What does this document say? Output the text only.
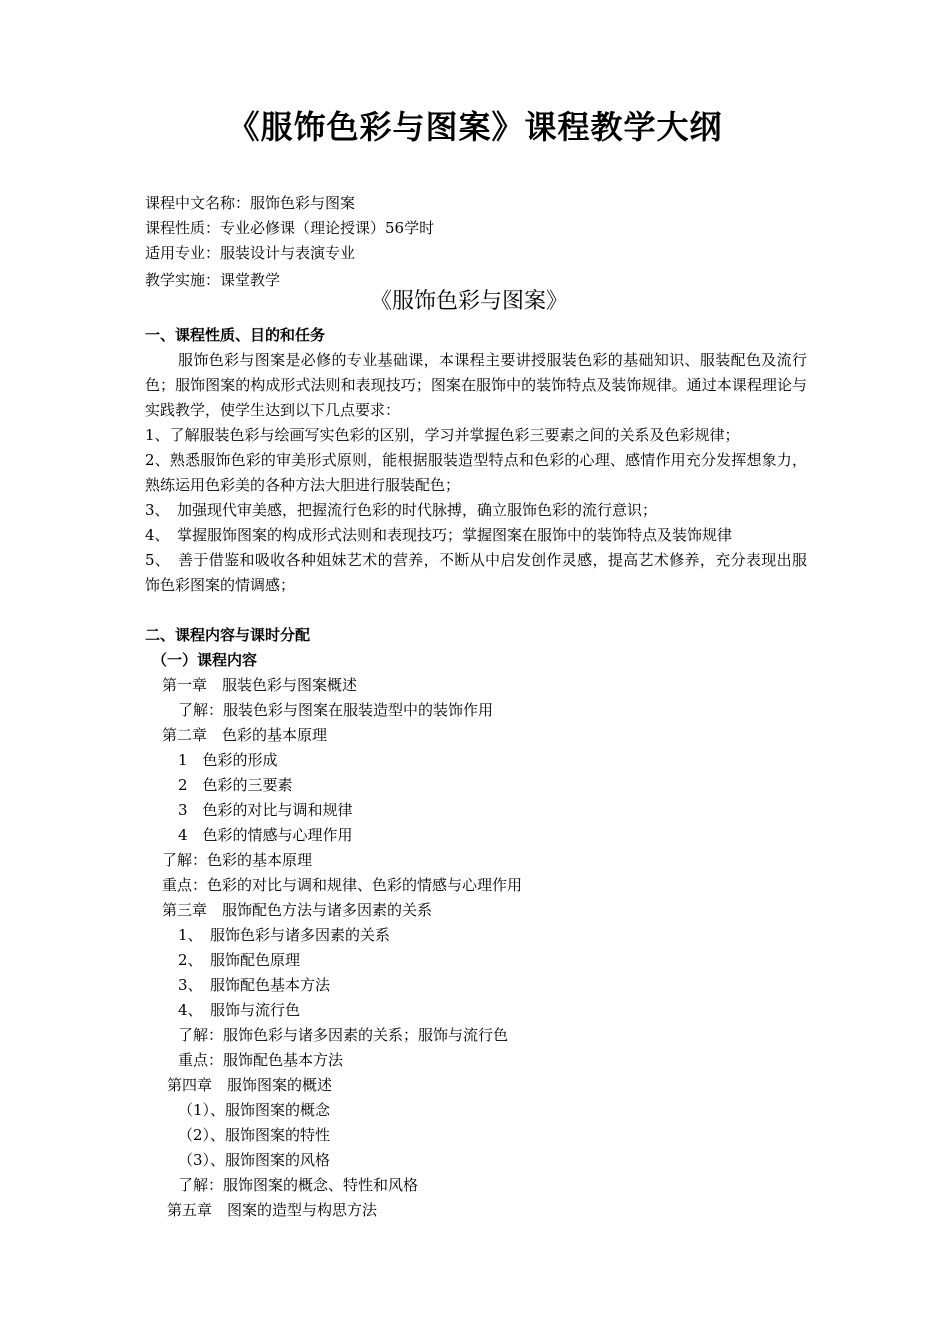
《服饰色彩与图案》课程教学大纲
课程中文名称：服饰色彩与图案
课程性质：专业必修课（理论授课）56学时
适用专业：服装设计与表演专业
教学实施：课堂教学
《服饰色彩与图案》
一、课程性质、目的和任务
服饰色彩与图案是必修的专业基础课，本课程主要讲授服装色彩的基础知识、服装配色及流行色；服饰图案的构成形式法则和表现技巧；图案在服饰中的装饰特点及装饰规律。通过本课程理论与实践教学，使学生达到以下几点要求：
1、了解服装色彩与绘画写实色彩的区别，学习并掌握色彩三要素之间的关系及色彩规律；
2、熟悉服饰色彩的审美形式原则，能根据服装造型特点和色彩的心理、感情作用充分发挥想象力，熟练运用色彩美的各种方法大胆进行服装配色；
3、　加强现代审美感，把握流行色彩的时代脉搏，确立服饰色彩的流行意识；
4、　掌握服饰图案的构成形式法则和表现技巧；掌握图案在服饰中的装饰特点及装饰规律
5、　善于借鉴和吸收各种姐妹艺术的营养，不断从中启发创作灵感，提高艺术修养，充分表现出服饰色彩图案的情调感；
二、课程内容与课时分配
（一）课程内容
第一章　服装色彩与图案概述
了解：服装色彩与图案在服装造型中的装饰作用
第二章　色彩的基本原理
1　色彩的形成
2　色彩的三要素
3　色彩的对比与调和规律
4　色彩的情感与心理作用
了解：色彩的基本原理
重点：色彩的对比与调和规律、色彩的情感与心理作用
第三章　服饰配色方法与诸多因素的关系
1、　服饰色彩与诸多因素的关系
2、　服饰配色原理
3、　服饰配色基本方法
4、　服饰与流行色
了解：服饰色彩与诸多因素的关系；服饰与流行色
重点：服饰配色基本方法
第四章　服饰图案的概述
（1）、服饰图案的概念
（2）、服饰图案的特性
（3）、服饰图案的风格
了解：服饰图案的概念、特性和风格
第五章　图案的造型与构思方法
